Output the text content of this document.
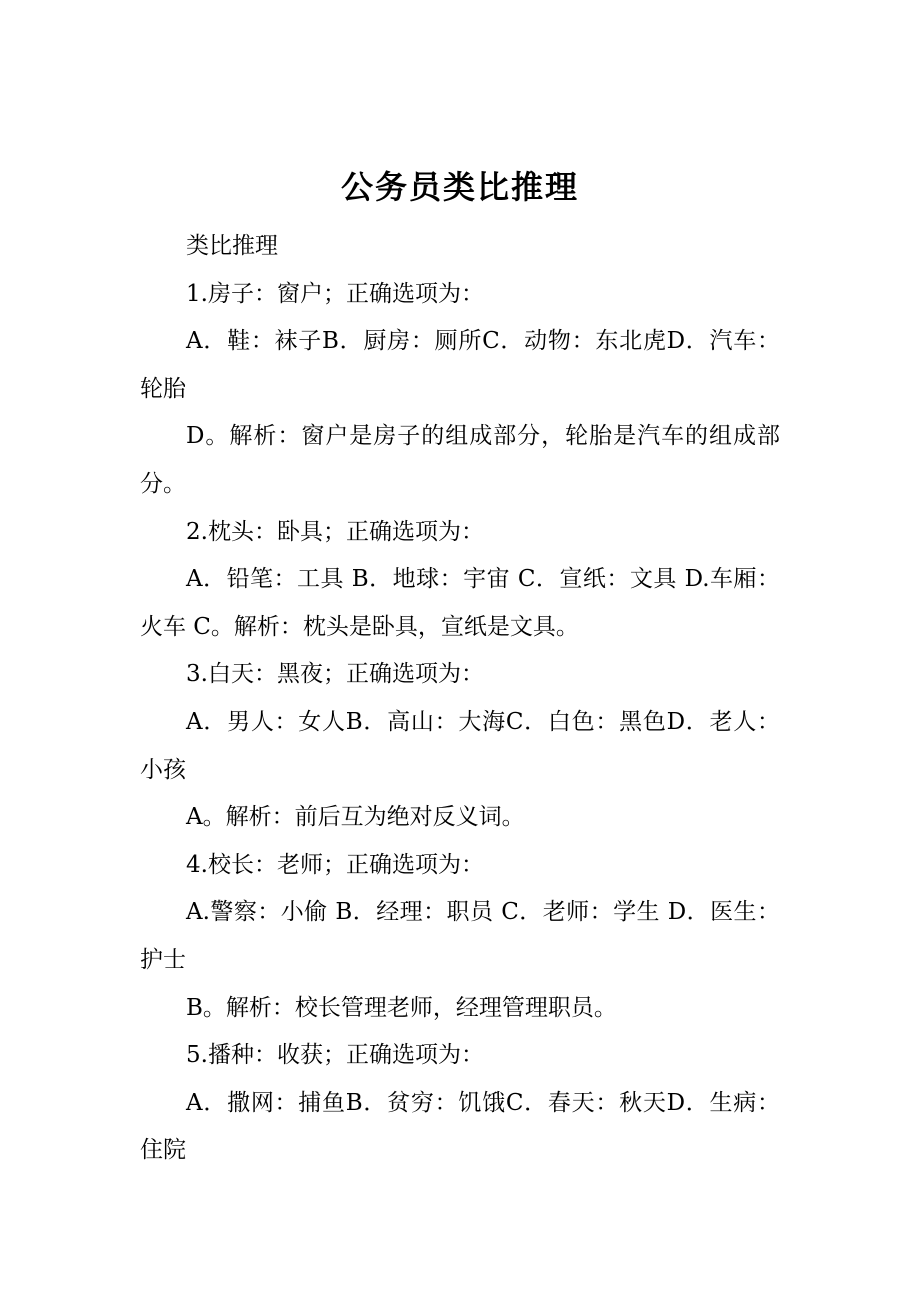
公务员类比推理

类比推理

1.房子：窗户；正确选项为：

A．鞋：袜子B．厨房：厕所C．动物：东北虎D．汽车：轮胎

D。解析：窗户是房子的组成部分，轮胎是汽车的组成部分。

2.枕头：卧具；正确选项为：

A．铅笔：工具 B．地球：宇宙 C．宣纸：文具 D.车厢：火车 C。解析：枕头是卧具，宣纸是文具。

3.白天：黑夜；正确选项为：

A．男人：女人B．高山：大海C．白色：黑色D．老人：小孩

A。解析：前后互为绝对反义词。

4.校长：老师；正确选项为：

A.警察：小偷 B．经理：职员 C．老师：学生 D．医生：护士

B。解析：校长管理老师，经理管理职员。

5.播种：收获；正确选项为：

A．撒网：捕鱼B．贫穷：饥饿C．春天：秋天D．生病：住院
